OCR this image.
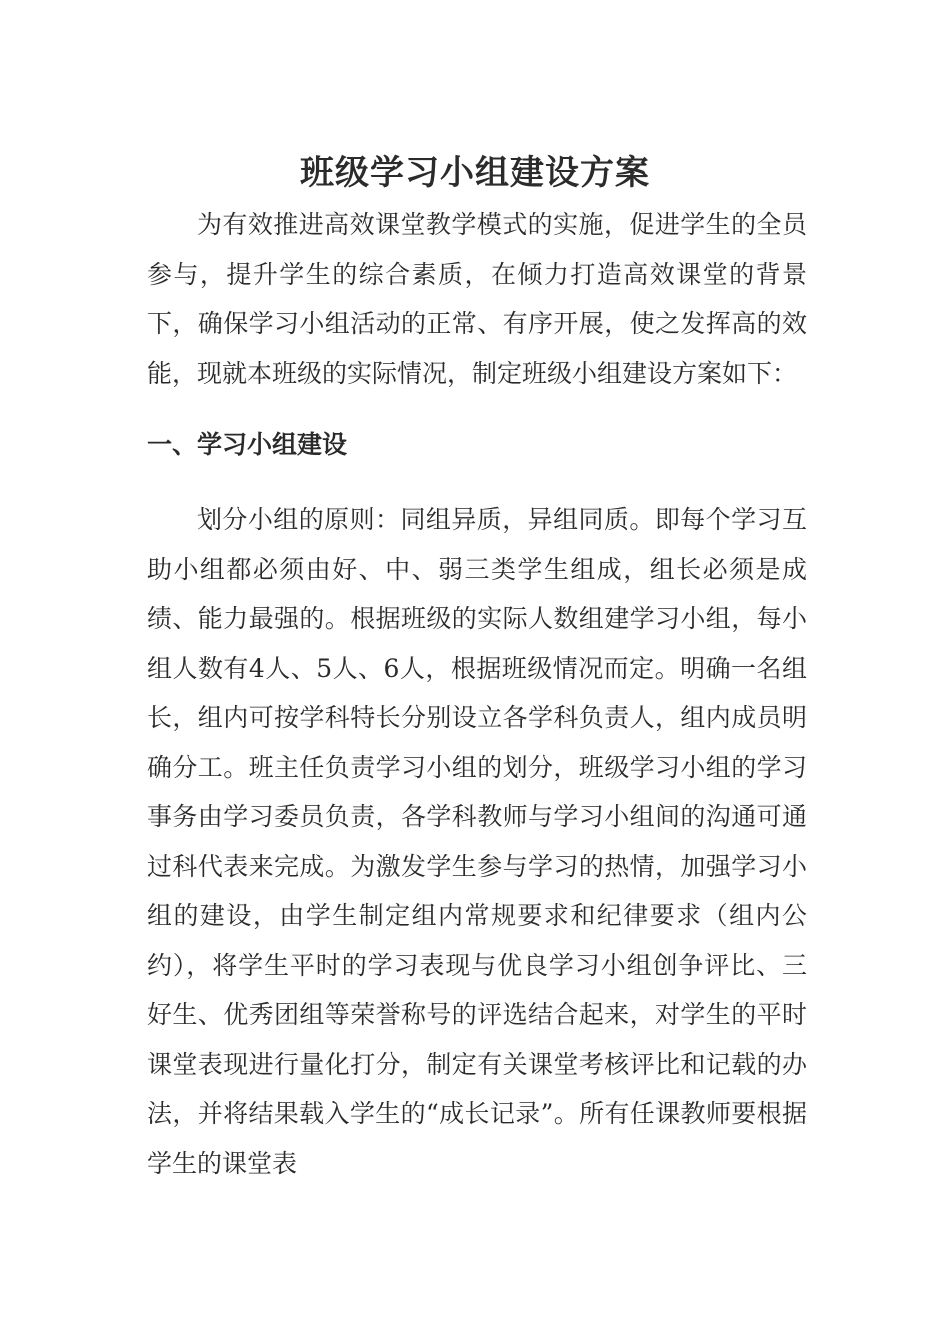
班级学习小组建设方案

为有效推进高效课堂教学模式的实施，促进学生的全员参与，提升学生的综合素质，在倾力打造高效课堂的背景下，确保学习小组活动的正常、有序开展，使之发挥高的效能，现就本班级的实际情况，制定班级小组建设方案如下：

一、学习小组建设

划分小组的原则：同组异质，异组同质。即每个学习互助小组都必须由好、中、弱三类学生组成，组长必须是成绩、能力最强的。根据班级的实际人数组建学习小组，每小组人数有4人、5人、6人，根据班级情况而定。明确一名组长，组内可按学科特长分别设立各学科负责人，组内成员明确分工。班主任负责学习小组的划分，班级学习小组的学习事务由学习委员负责，各学科教师与学习小组间的沟通可通过科代表来完成。为激发学生参与学习的热情，加强学习小组的建设，由学生制定组内常规要求和纪律要求（组内公约），将学生平时的学习表现与优良学习小组创争评比、三好生、优秀团组等荣誉称号的评选结合起来，对学生的平时课堂表现进行量化打分，制定有关课堂考核评比和记载的办法，并将结果载入学生的“成长记录”。所有任课教师要根据学生的课堂表
